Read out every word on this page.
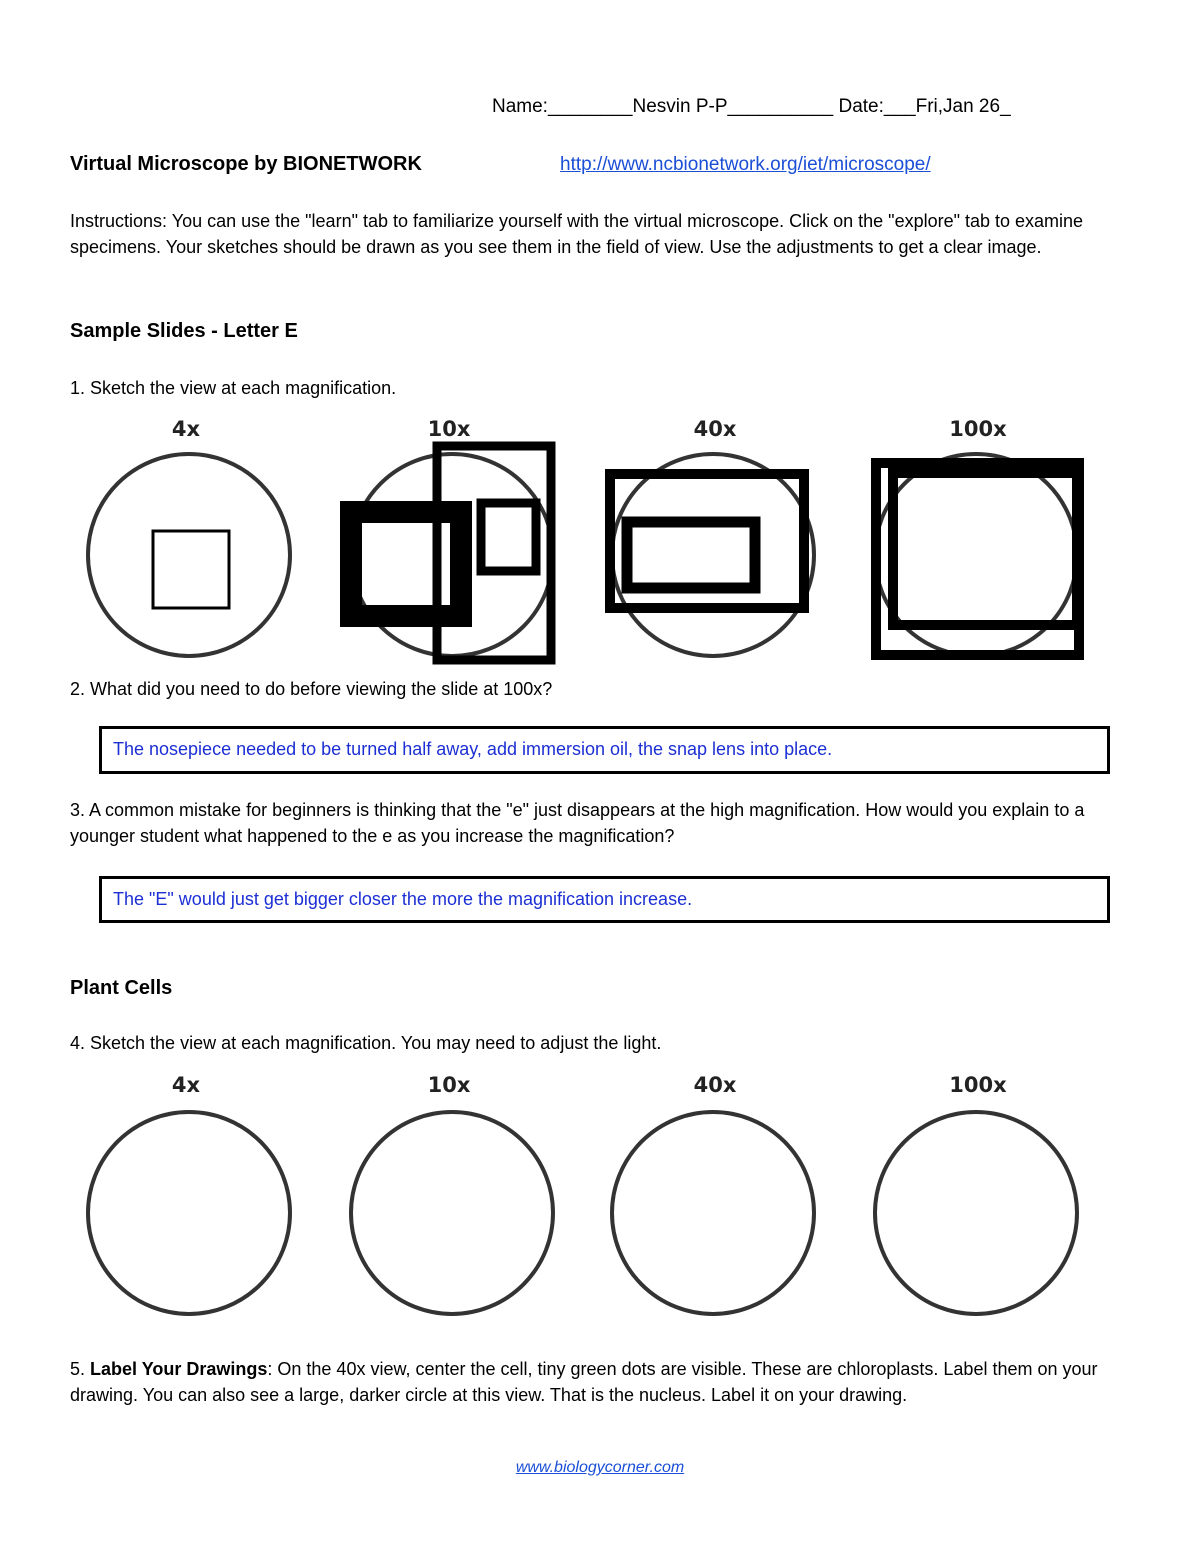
Name:________Nesvin P-P__________ Date:___Fri,Jan 26_
Virtual Microscope by BIONETWORK	http://www.ncbionetwork.org/iet/microscope/
Instructions: You can use the "learn" tab to familiarize yourself with the virtual microscope. Click on the "explore" tab to examine specimens. Your sketches should be drawn as you see them in the field of view. Use the adjustments to get a clear image.
Sample Slides - Letter E
1. Sketch the view at each magnification.
4x	10x	40x	100x
2. What did you need to do before viewing the slide at 100x?
The nosepiece needed to be turned half away, add immersion oil, the snap lens into place.
3. A common mistake for beginners is thinking that the "e" just disappears at the high magnification. How would you explain to a younger student what happened to the e as you increase the magnification?
The "E" would just get bigger closer the more the magnification increase.
Plant Cells
4. Sketch the view at each magnification. You may need to adjust the light.
4x	10x	40x	100x
5. Label Your Drawings: On the 40x view, center the cell, tiny green dots are visible. These are chloroplasts. Label them on your drawing. You can also see a large, darker circle at this view. That is the nucleus. Label it on your drawing.
www.biologycorner.com
